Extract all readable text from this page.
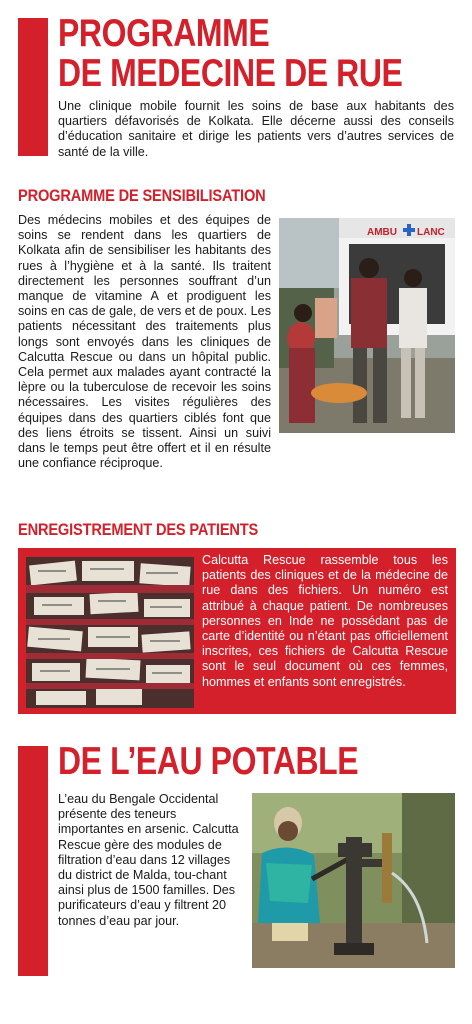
PROGRAMME
DE MEDECINE DE RUE

Une clinique mobile fournit les soins de base aux habitants des quartiers défavorisés de Kolkata. Elle décerne aussi des conseils d’éducation sanitaire et dirige les patients vers d’autres services de santé de la ville.

PROGRAMME DE SENSIBILISATION

Des médecins mobiles et des équipes de soins se rendent dans les quartiers de Kolkata afin de sensibiliser les habitants des rues à l’hygiène et à la santé. Ils traitent directement les personnes souffrant d’un manque de vitamine A et prodiguent les soins en cas de gale, de vers et de poux. Les patients nécessitant des traitements plus longs sont envoyés dans les cliniques de Calcutta Rescue ou dans un hôpital public. Cela permet aux malades ayant contracté la lèpre ou la tuberculose de recevoir les soins nécessaires. Les visites régulières des équipes dans des quartiers ciblés font que des liens étroits se tissent. Ainsi un suivi dans le temps peut être offert et il en résulte une confiance réciproque.

AMBU LANC
ENREGISTREMENT DES PATIENTS

Calcutta Rescue rassemble tous les patients des cliniques et de la médecine de rue dans des fichiers. Un numéro est attribué à chaque patient. De nombreuses personnes en Inde ne possédant pas de carte d’identité ou n’étant pas officiellement inscrites, ces fichiers de Calcutta Rescue sont le seul document où ces femmes, hommes et enfants sont enregistrés.

DE L’EAU POTABLE

L’eau du Bengale Occidental présente des teneurs importantes en arsenic. Calcutta Rescue gère des modules de filtration d’eau dans 12 villages du district de Malda, tou-chant ainsi plus de 1500 familles. Des purificateurs d’eau y filtrent 20 tonnes d’eau par jour.
